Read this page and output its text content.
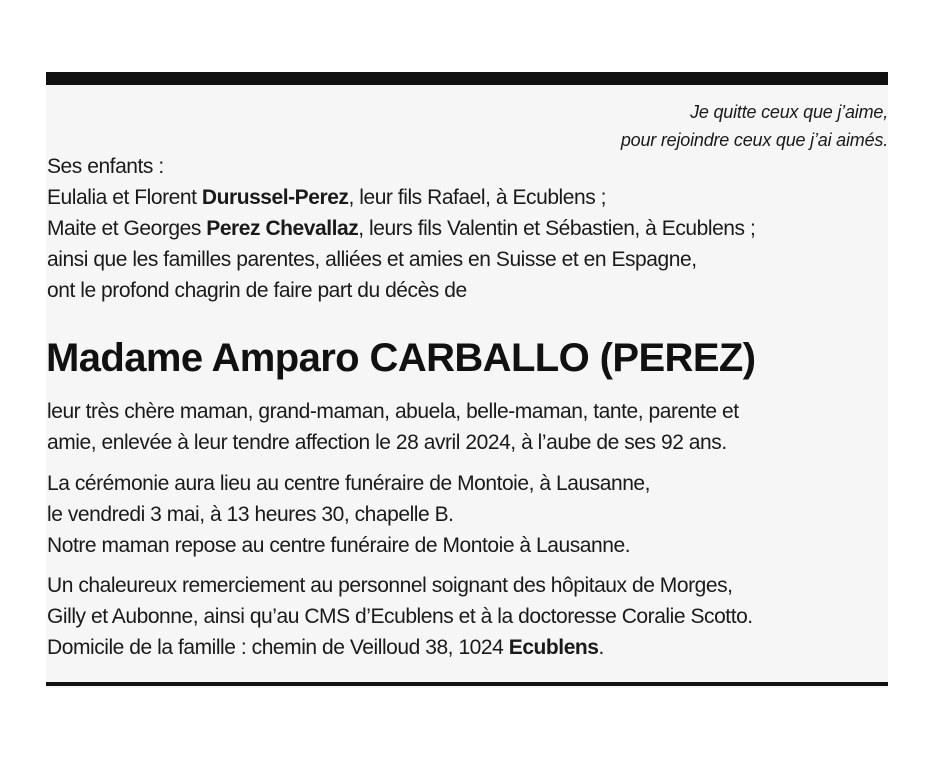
Je quitte ceux que j’aime,
pour rejoindre ceux que j’ai aimés.
Ses enfants :
Eulalia et Florent Durussel-Perez, leur fils Rafael, à Ecublens ;
Maite et Georges Perez Chevallaz, leurs fils Valentin et Sébastien, à Ecublens ;
ainsi que les familles parentes, alliées et amies en Suisse et en Espagne,
ont le profond chagrin de faire part du décès de
Madame Amparo CARBALLO (PEREZ)
leur très chère maman, grand-maman, abuela, belle-maman, tante, parente et
amie, enlevée à leur tendre affection le 28 avril 2024, à l’aube de ses 92 ans.
La cérémonie aura lieu au centre funéraire de Montoie, à Lausanne,
le vendredi 3 mai, à 13 heures 30, chapelle B.
Notre maman repose au centre funéraire de Montoie à Lausanne.
Un chaleureux remerciement au personnel soignant des hôpitaux de Morges,
Gilly et Aubonne, ainsi qu’au CMS d’Ecublens et à la doctoresse Coralie Scotto.
Domicile de la famille : chemin de Veilloud 38, 1024 Ecublens.
